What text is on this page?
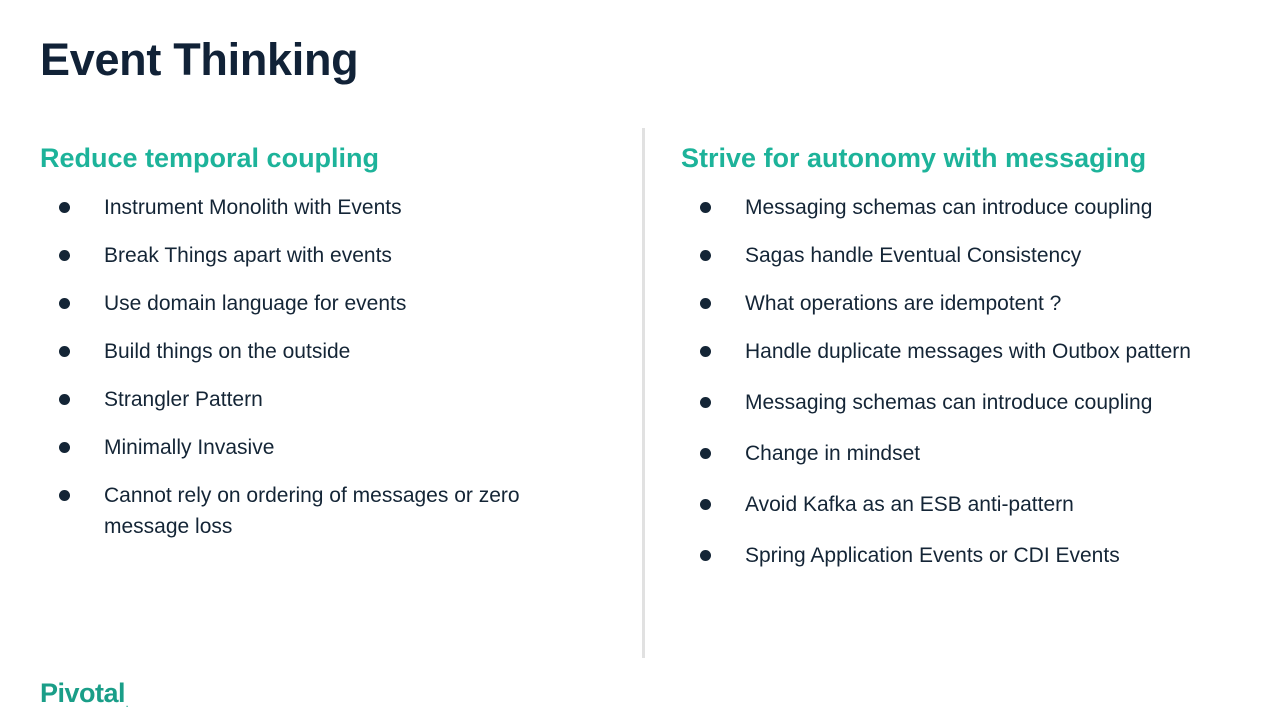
Event Thinking
Reduce temporal coupling
Instrument Monolith with Events
Break Things apart with events
Use domain language for events
Build things on the outside
Strangler Pattern
Minimally Invasive
Cannot rely on ordering of messages or zero message loss
Strive for autonomy with messaging
Messaging schemas can introduce coupling
Sagas handle Eventual Consistency
What operations are idempotent ?
Handle duplicate messages with Outbox pattern
Messaging schemas can introduce coupling
Change in mindset
Avoid Kafka as an ESB anti-pattern
Spring Application Events or CDI Events
Pivotal.
